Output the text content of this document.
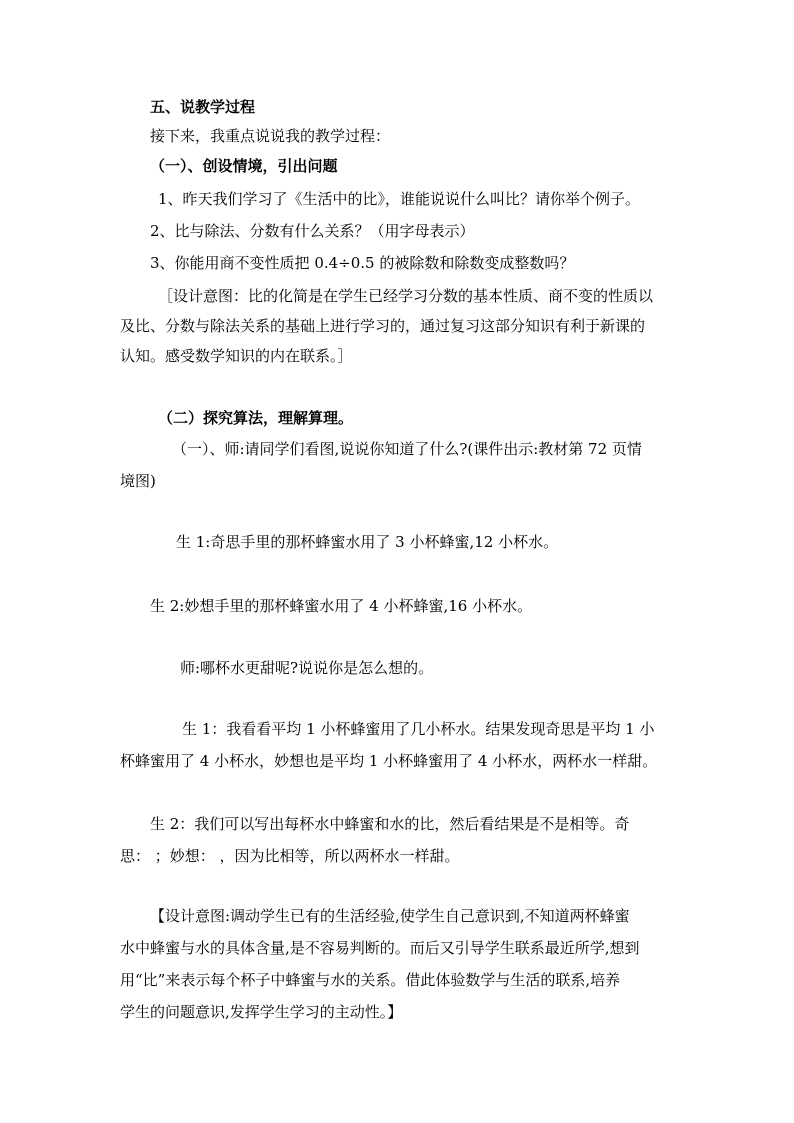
五、说教学过程
接下来，我重点说说我的教学过程：
（一）、创设情境，引出问题
1、昨天我们学习了《生活中的比》，谁能说说什么叫比？请你举个例子。
2、比与除法、分数有什么关系？（用字母表示）
3、你能用商不变性质把 0.4÷0.5 的被除数和除数变成整数吗？
［设计意图：比的化简是在学生已经学习分数的基本性质、商不变的性质以
及比、分数与除法关系的基础上进行学习的，通过复习这部分知识有利于新课的
认知。感受数学知识的内在联系。］
（二）探究算法，理解算理。
（一）、师:请同学们看图,说说你知道了什么?(课件出示:教材第 72 页情
境图)
生 1:奇思手里的那杯蜂蜜水用了 3 小杯蜂蜜,12 小杯水。
生 2:妙想手里的那杯蜂蜜水用了 4 小杯蜂蜜,16 小杯水。
师:哪杯水更甜呢?说说你是怎么想的。
生 1：我看看平均 1 小杯蜂蜜用了几小杯水。结果发现奇思是平均 1 小
杯蜂蜜用了 4 小杯水，妙想也是平均 1 小杯蜂蜜用了 4 小杯水，两杯水一样甜。
生 2：我们可以写出每杯水中蜂蜜和水的比，然后看结果是不是相等。奇
思： ；妙想： ，因为比相等，所以两杯水一样甜。
【设计意图:调动学生已有的生活经验,使学生自己意识到,不知道两杯蜂蜜
水中蜂蜜与水的具体含量,是不容易判断的。而后又引导学生联系最近所学,想到
用“比”来表示每个杯子中蜂蜜与水的关系。借此体验数学与生活的联系,培养
学生的问题意识,发挥学生学习的主动性。】
